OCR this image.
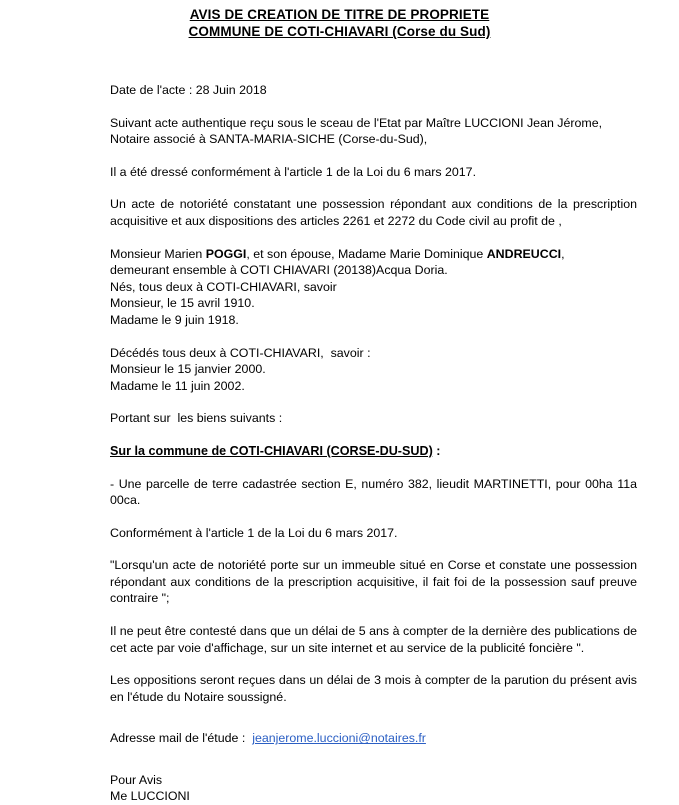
AVIS DE CREATION DE TITRE DE PROPRIETE
COMMUNE DE COTI-CHIAVARI (Corse du Sud)
Date de l'acte : 28 Juin 2018

Suivant acte authentique reçu sous le sceau de l'Etat par Maître LUCCIONI Jean Jérome,

Notaire associé à SANTA-MARIA-SICHE (Corse-du-Sud),
Il a été dressé conformément à l'article 1 de la Loi du 6 mars 2017.

Un acte de notoriété constatant une possession répondant aux conditions de la prescription acquisitive et aux dispositions des articles 2261 et 2272 du Code civil au profit de ,

Monsieur Marien POGGI, et son épouse, Madame Marie Dominique ANDREUCCI,

demeurant ensemble à COTI CHIAVARI (20138)Acqua Doria.
Nés, tous deux à COTI-CHIAVARI, savoir
Monsieur, le 15 avril 1910.
Madame le 9 juin 1918.
Décédés tous deux à COTI-CHIAVARI,  savoir :
Monsieur le 15 janvier 2000.
Madame le 11 juin 2002.
Portant sur  les biens suivants :
Sur la commune de COTI-CHIAVARI (CORSE-DU-SUD) :

- Une parcelle de terre cadastrée section E, numéro 382, lieudit MARTINETTI, pour 00ha 11a 00ca.

Conformément à l'article 1 de la Loi du 6 mars 2017.

"Lorsqu'un acte de notoriété porte sur un immeuble situé en Corse et constate une possession répondant aux conditions de la prescription acquisitive, il fait foi de la possession sauf preuve contraire ";

Il ne peut être contesté dans que un délai de 5 ans à compter de la dernière des publications de cet acte par voie d'affichage, sur un site internet et au service de la publicité foncière ".

Les oppositions seront reçues dans un délai de 3 mois à compter de la parution du présent avis en l'étude du Notaire soussigné.

Adresse mail de l'étude :  jeanjerome.luccioni@notaires.fr
Pour Avis
Me LUCCIONI
